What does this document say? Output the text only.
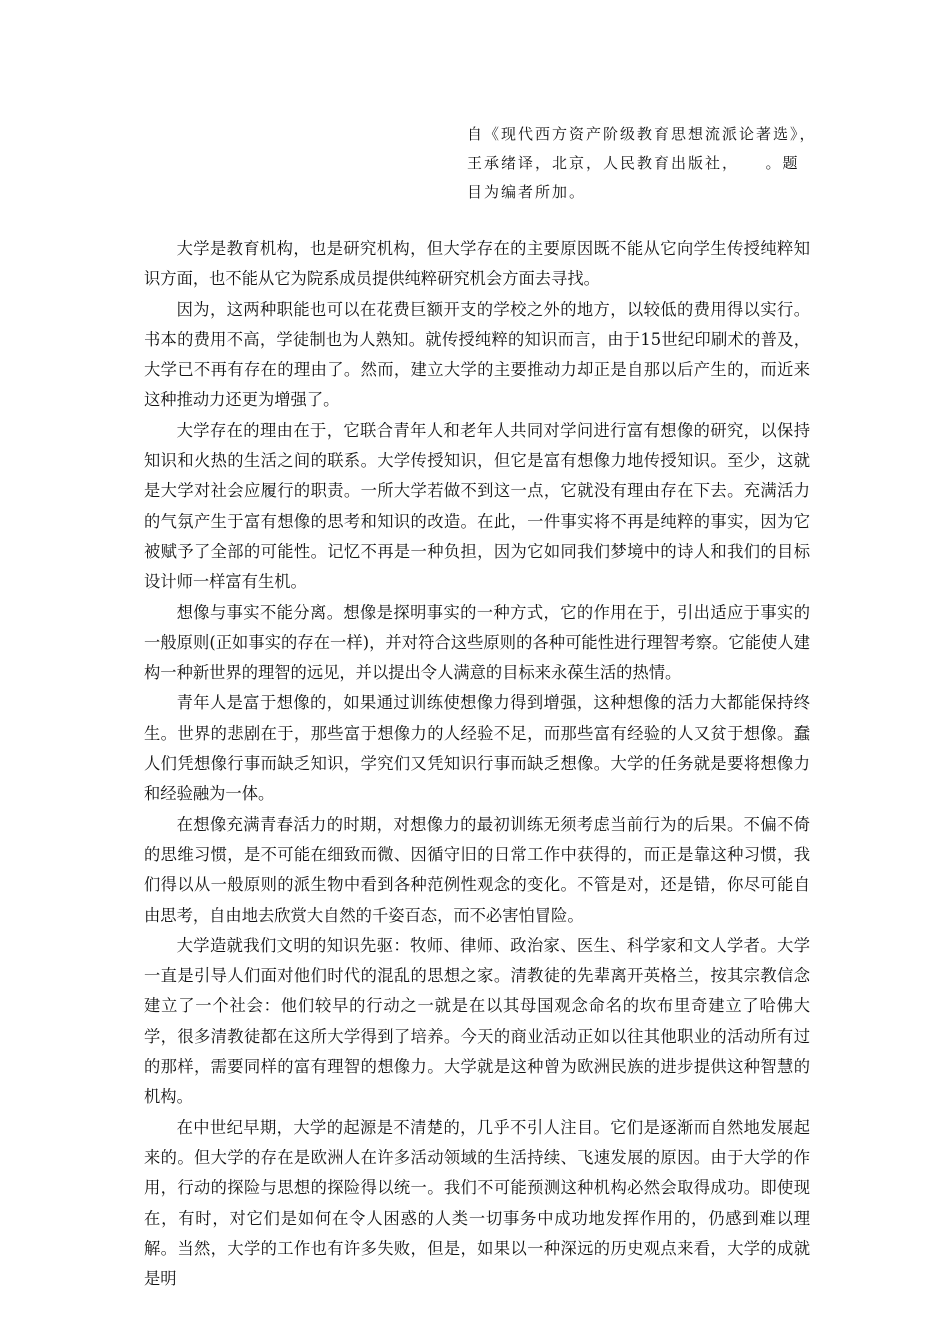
自《现代西方资产阶级教育思想流派论著选》，
王承绪译，北京，人民教育出版社，　　。题
目为编者所加。

大学是教育机构，也是研究机构，但大学存在的主要原因既不能从它向学生传授纯粹知识方面，也不能从它为院系成员提供纯粹研究机会方面去寻找。

因为，这两种职能也可以在花费巨额开支的学校之外的地方，以较低的费用得以实行。书本的费用不高，学徒制也为人熟知。就传授纯粹的知识而言，由于15世纪印刷术的普及，大学已不再有存在的理由了。然而，建立大学的主要推动力却正是自那以后产生的，而近来这种推动力还更为增强了。

大学存在的理由在于，它联合青年人和老年人共同对学问进行富有想像的研究，以保持知识和火热的生活之间的联系。大学传授知识，但它是富有想像力地传授知识。至少，这就是大学对社会应履行的职责。一所大学若做不到这一点，它就没有理由存在下去。充满活力的气氛产生于富有想像的思考和知识的改造。在此，一件事实将不再是纯粹的事实，因为它被赋予了全部的可能性。记忆不再是一种负担，因为它如同我们梦境中的诗人和我们的目标设计师一样富有生机。

想像与事实不能分离。想像是探明事实的一种方式，它的作用在于，引出适应于事实的一般原则(正如事实的存在一样)，并对符合这些原则的各种可能性进行理智考察。它能使人建构一种新世界的理智的远见，并以提出令人满意的目标来永葆生活的热情。

青年人是富于想像的，如果通过训练使想像力得到增强，这种想像的活力大都能保持终生。世界的悲剧在于，那些富于想像力的人经验不足，而那些富有经验的人又贫于想像。蠢人们凭想像行事而缺乏知识，学究们又凭知识行事而缺乏想像。大学的任务就是要将想像力和经验融为一体。

在想像充满青春活力的时期，对想像力的最初训练无须考虑当前行为的后果。不偏不倚的思维习惯，是不可能在细致而微、因循守旧的日常工作中获得的，而正是靠这种习惯，我们得以从一般原则的派生物中看到各种范例性观念的变化。不管是对，还是错，你尽可能自由思考，自由地去欣赏大自然的千姿百态，而不必害怕冒险。

大学造就我们文明的知识先驱：牧师、律师、政治家、医生、科学家和文人学者。大学一直是引导人们面对他们时代的混乱的思想之家。清教徒的先辈离开英格兰，按其宗教信念建立了一个社会：他们较早的行动之一就是在以其母国观念命名的坎布里奇建立了哈佛大学，很多清教徒都在这所大学得到了培养。今天的商业活动正如以往其他职业的活动所有过的那样，需要同样的富有理智的想像力。大学就是这种曾为欧洲民族的进步提供这种智慧的机构。

在中世纪早期，大学的起源是不清楚的，几乎不引人注目。它们是逐渐而自然地发展起来的。但大学的存在是欧洲人在许多活动领域的生活持续、飞速发展的原因。由于大学的作用，行动的探险与思想的探险得以统一。我们不可能预测这种机构必然会取得成功。即使现在，有时，对它们是如何在令人困惑的人类一切事务中成功地发挥作用的，仍感到难以理解。当然，大学的工作也有许多失败，但是，如果以一种深远的历史观点来看，大学的成就是明
